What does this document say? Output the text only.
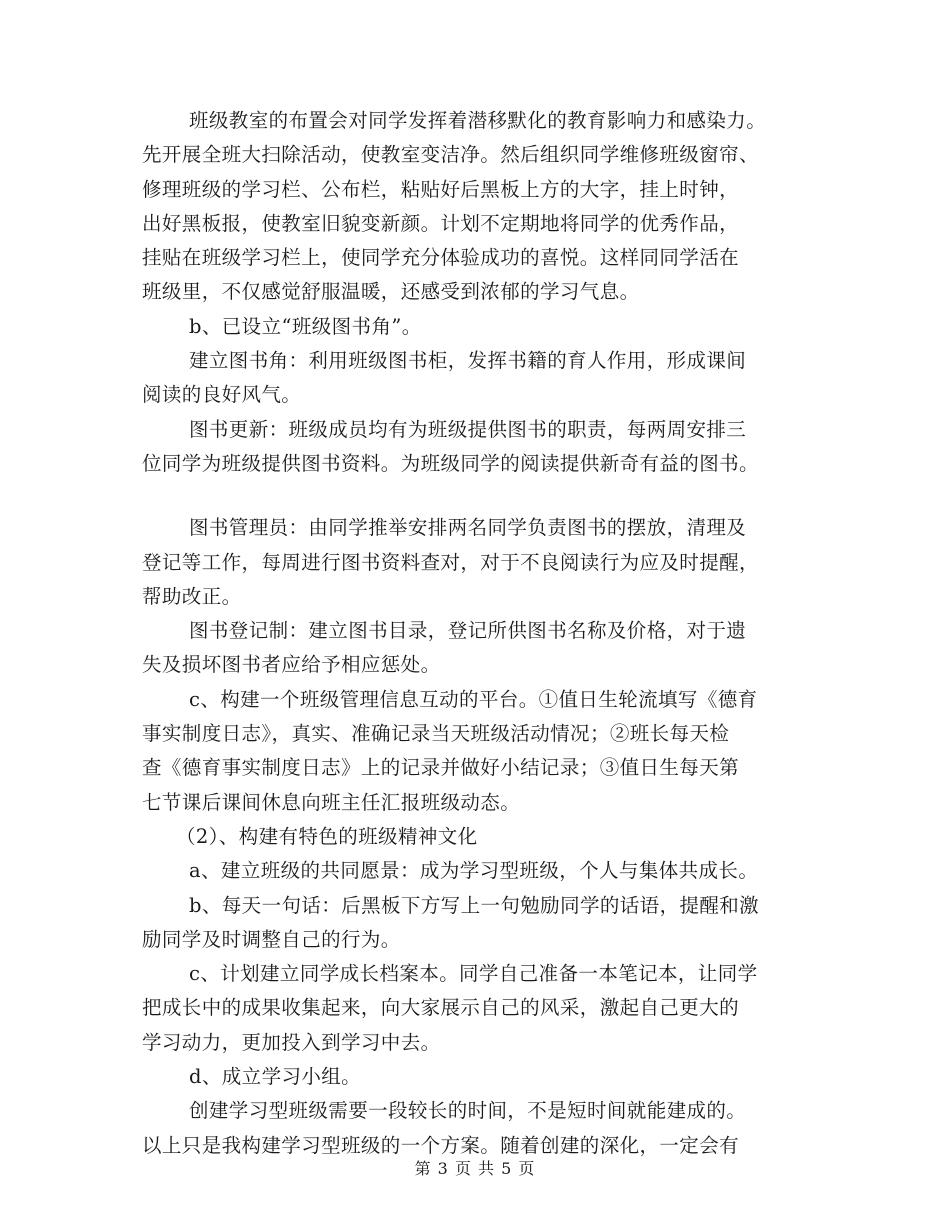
班级教室的布置会对同学发挥着潜移默化的教育影响力和感染力。
先开展全班大扫除活动，使教室变洁净。然后组织同学维修班级窗帘、
修理班级的学习栏、公布栏，粘贴好后黑板上方的大字，挂上时钟，
出好黑板报，使教室旧貌变新颜。计划不定期地将同学的优秀作品，
挂贴在班级学习栏上，使同学充分体验成功的喜悦。这样同同学活在
班级里，不仅感觉舒服温暖，还感受到浓郁的学习气息。
b、已设立“班级图书角”。
建立图书角：利用班级图书柜，发挥书籍的育人作用，形成课间
阅读的良好风气。
图书更新：班级成员均有为班级提供图书的职责，每两周安排三
位同学为班级提供图书资料。为班级同学的阅读提供新奇有益的图书。
图书管理员：由同学推举安排两名同学负责图书的摆放，清理及
登记等工作，每周进行图书资料查对，对于不良阅读行为应及时提醒，
帮助改正。
图书登记制：建立图书目录，登记所供图书名称及价格，对于遗
失及损坏图书者应给予相应惩处。
c、构建一个班级管理信息互动的平台。①值日生轮流填写《德育
事实制度日志》，真实、准确记录当天班级活动情况；②班长每天检
查《德育事实制度日志》上的记录并做好小结记录；③值日生每天第
七节课后课间休息向班主任汇报班级动态。
（2）、构建有特色的班级精神文化
a、建立班级的共同愿景：成为学习型班级，个人与集体共成长。
b、每天一句话：后黑板下方写上一句勉励同学的话语，提醒和激
励同学及时调整自己的行为。
c、计划建立同学成长档案本。同学自己准备一本笔记本，让同学
把成长中的成果收集起来，向大家展示自己的风采，激起自己更大的
学习动力，更加投入到学习中去。
d、成立学习小组。
创建学习型班级需要一段较长的时间，不是短时间就能建成的。
以上只是我构建学习型班级的一个方案。随着创建的深化，一定会有
第 3 页 共 5 页
